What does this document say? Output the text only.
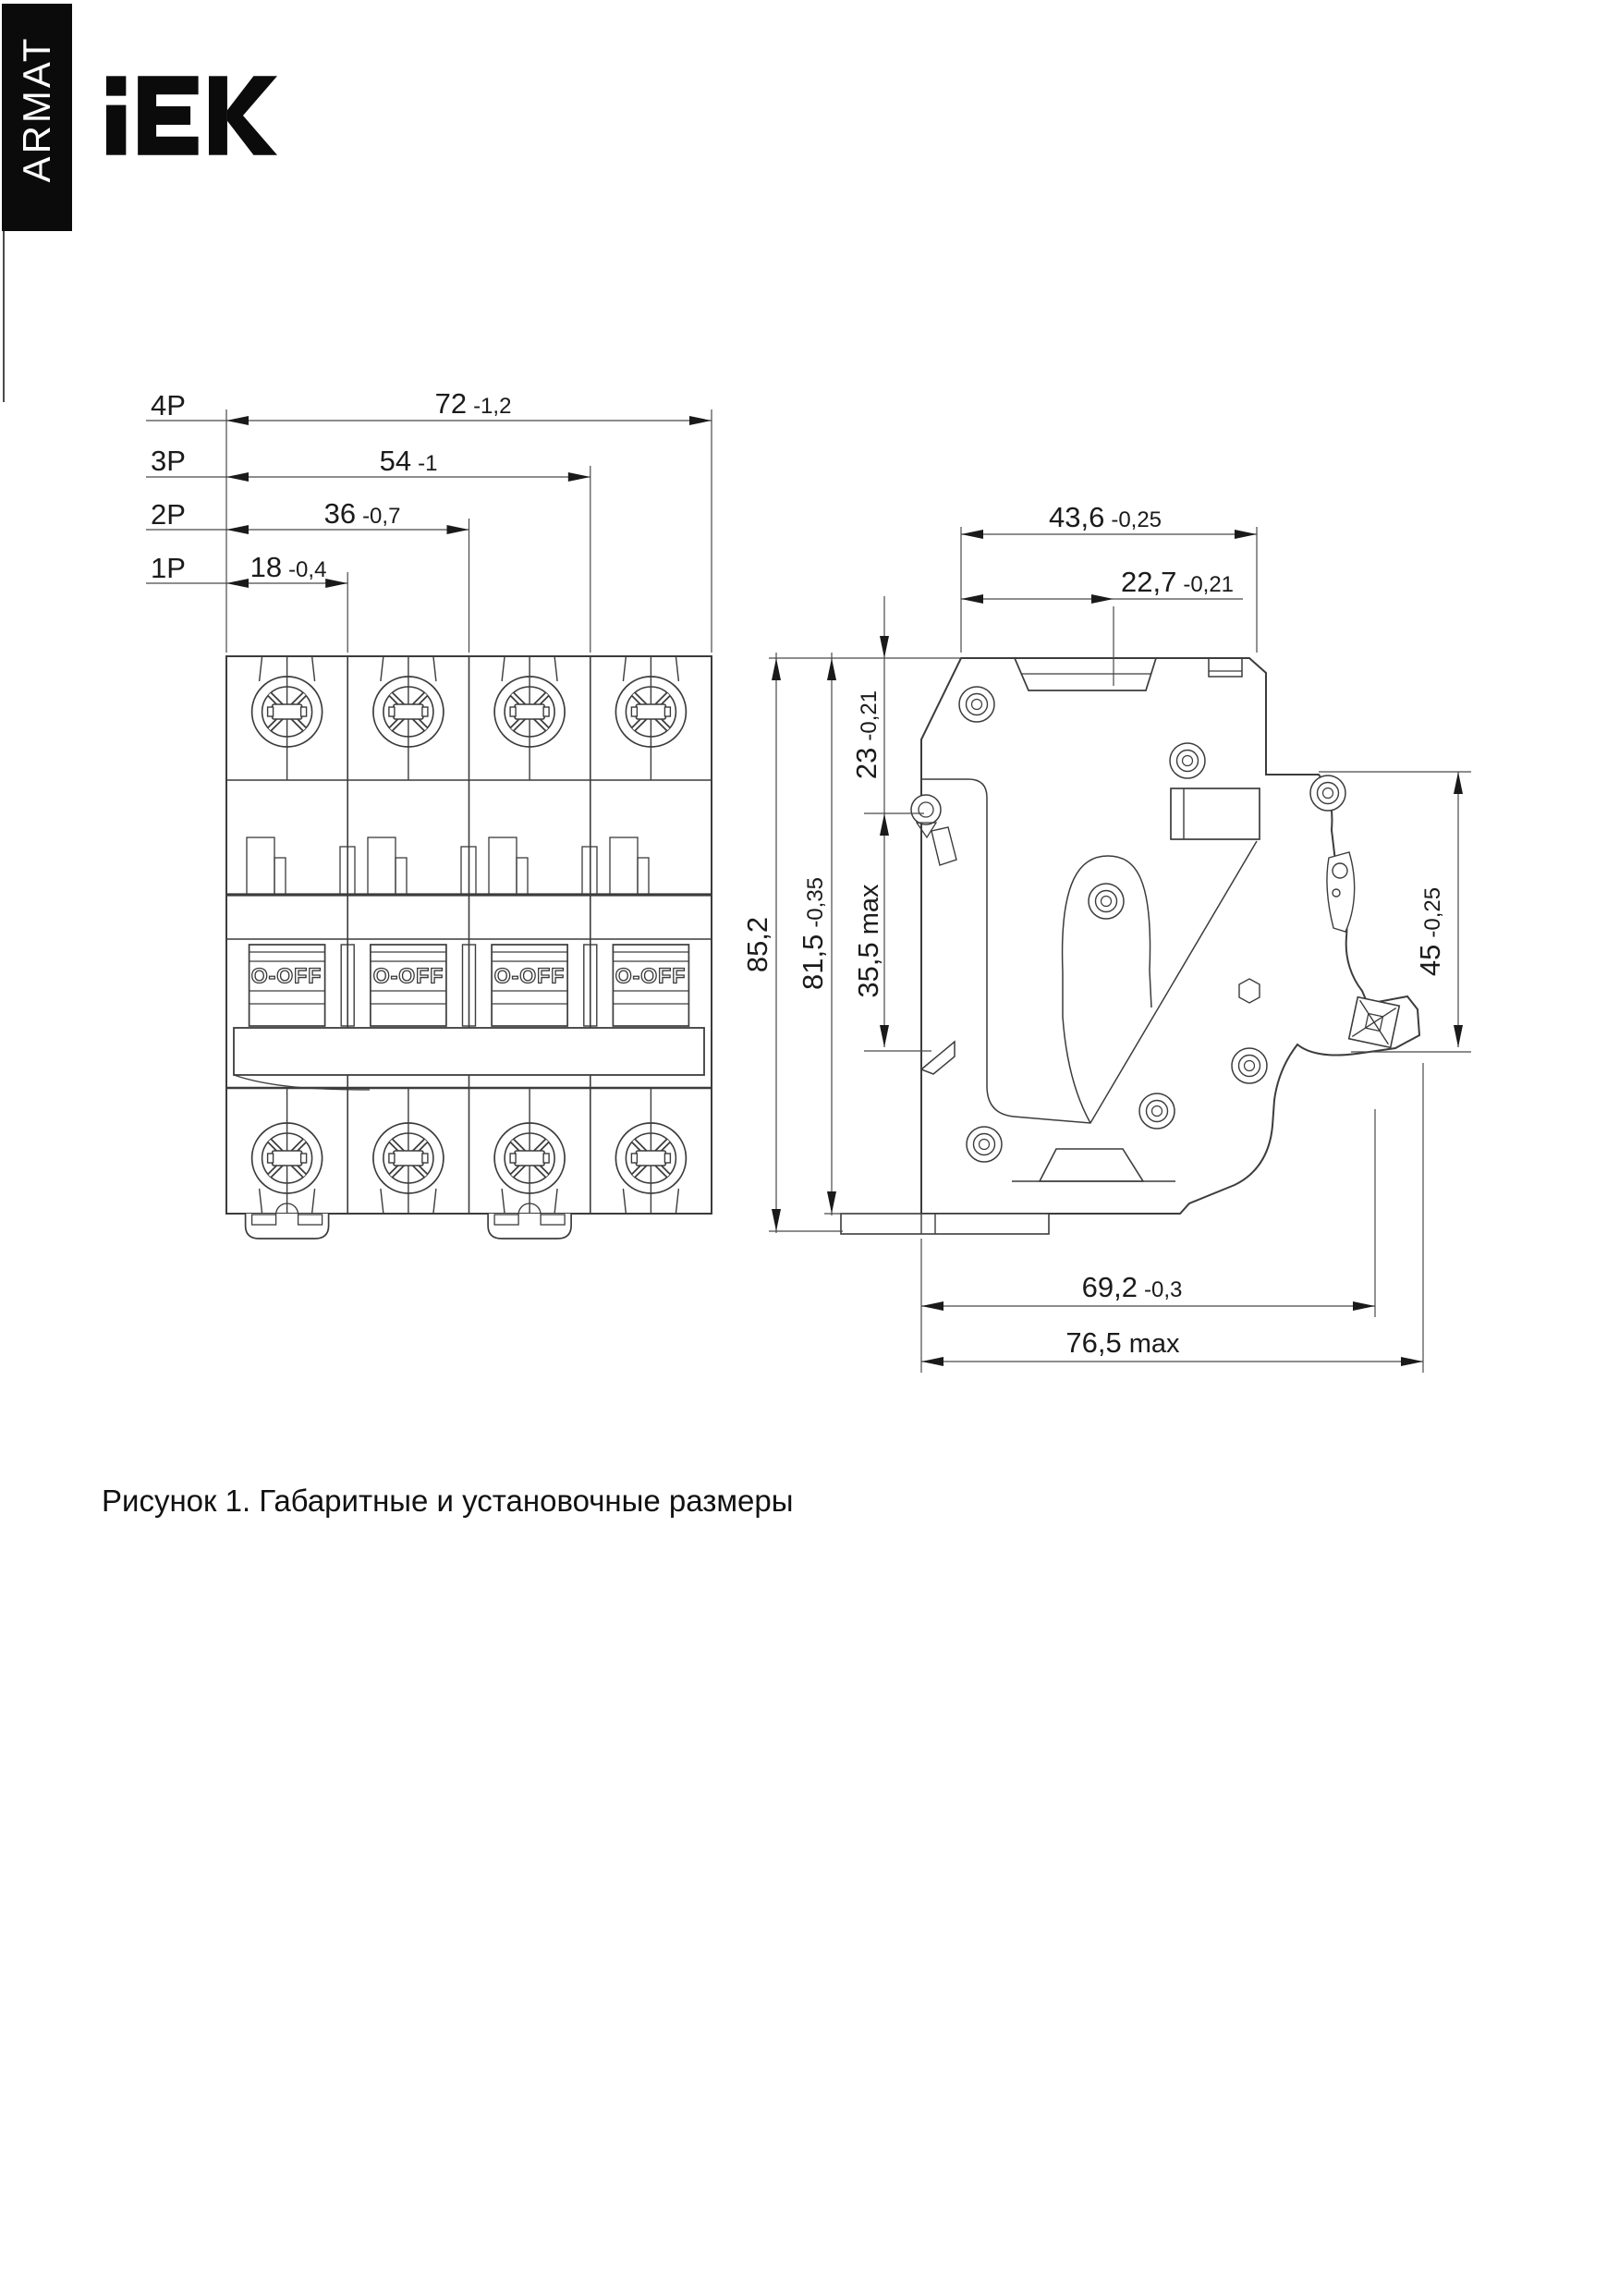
ARMAT
4P
3P
2P
1P
72 -1,2
54 -1
36 -0,7
18 -0,4
O-OFF O-OFF O-OFF O-OFF
43,6 -0,25
22,7 -0,21
69,2 -0,3
76,5 max
23-0,21
85,2 81,5-0,35
35,5max
45-0,25
Рисунок 1. Габаритные и установочные размеры
